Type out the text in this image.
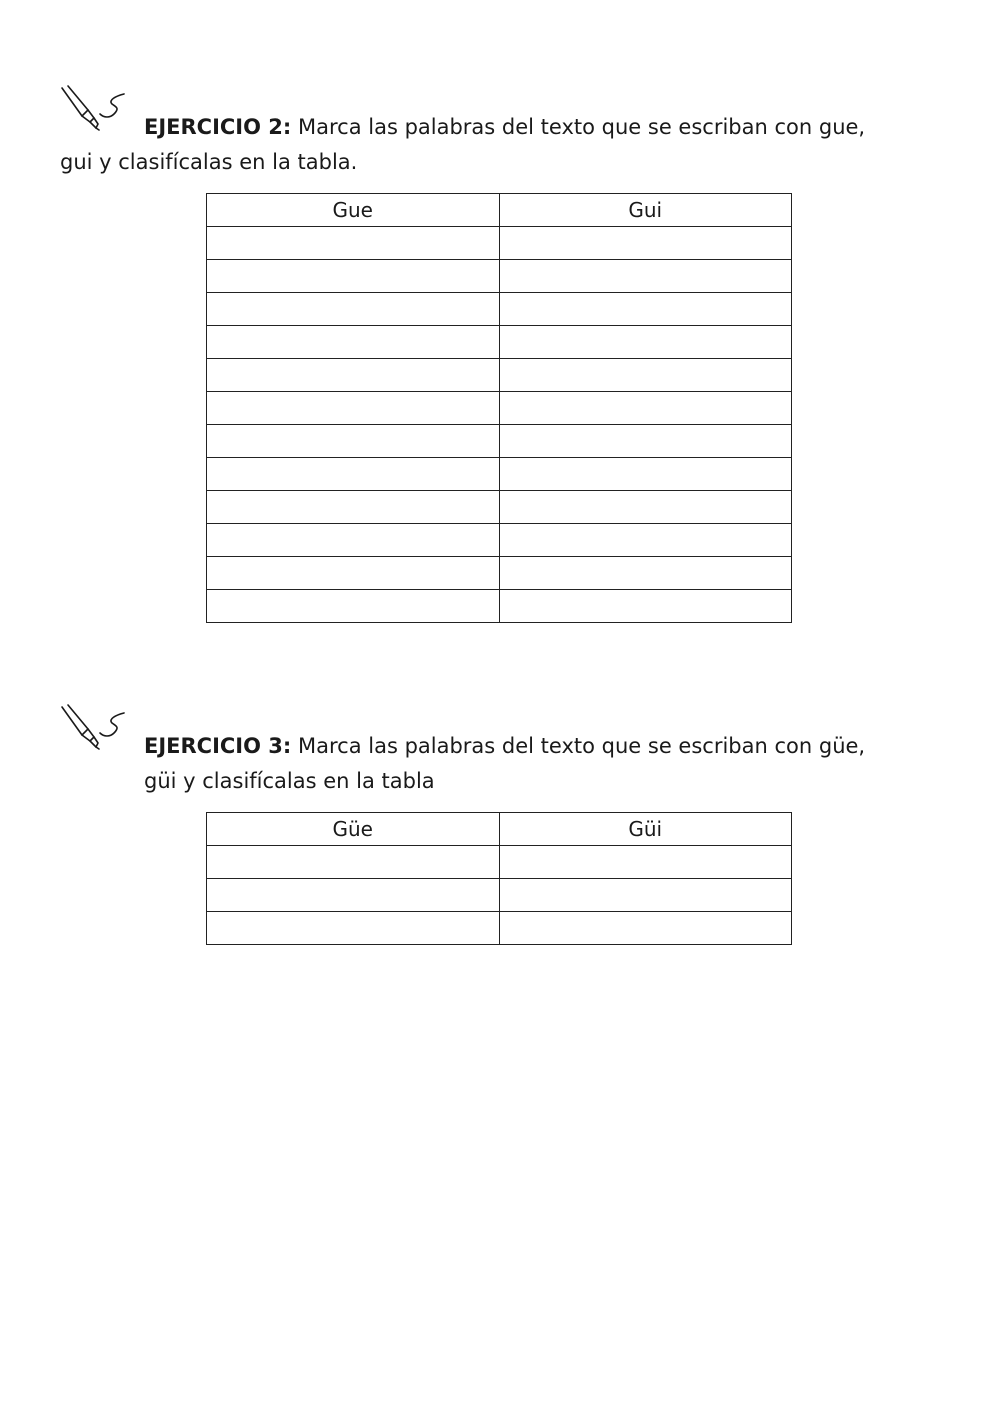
EJERCICIO 2: Marca las palabras del texto que se escriban con gue,
gui y clasifícalas en la tabla.
Gue	Gui

EJERCICIO 3: Marca las palabras del texto que se escriban con güe,
güi y clasifícalas en la tabla
Güe	Güi
